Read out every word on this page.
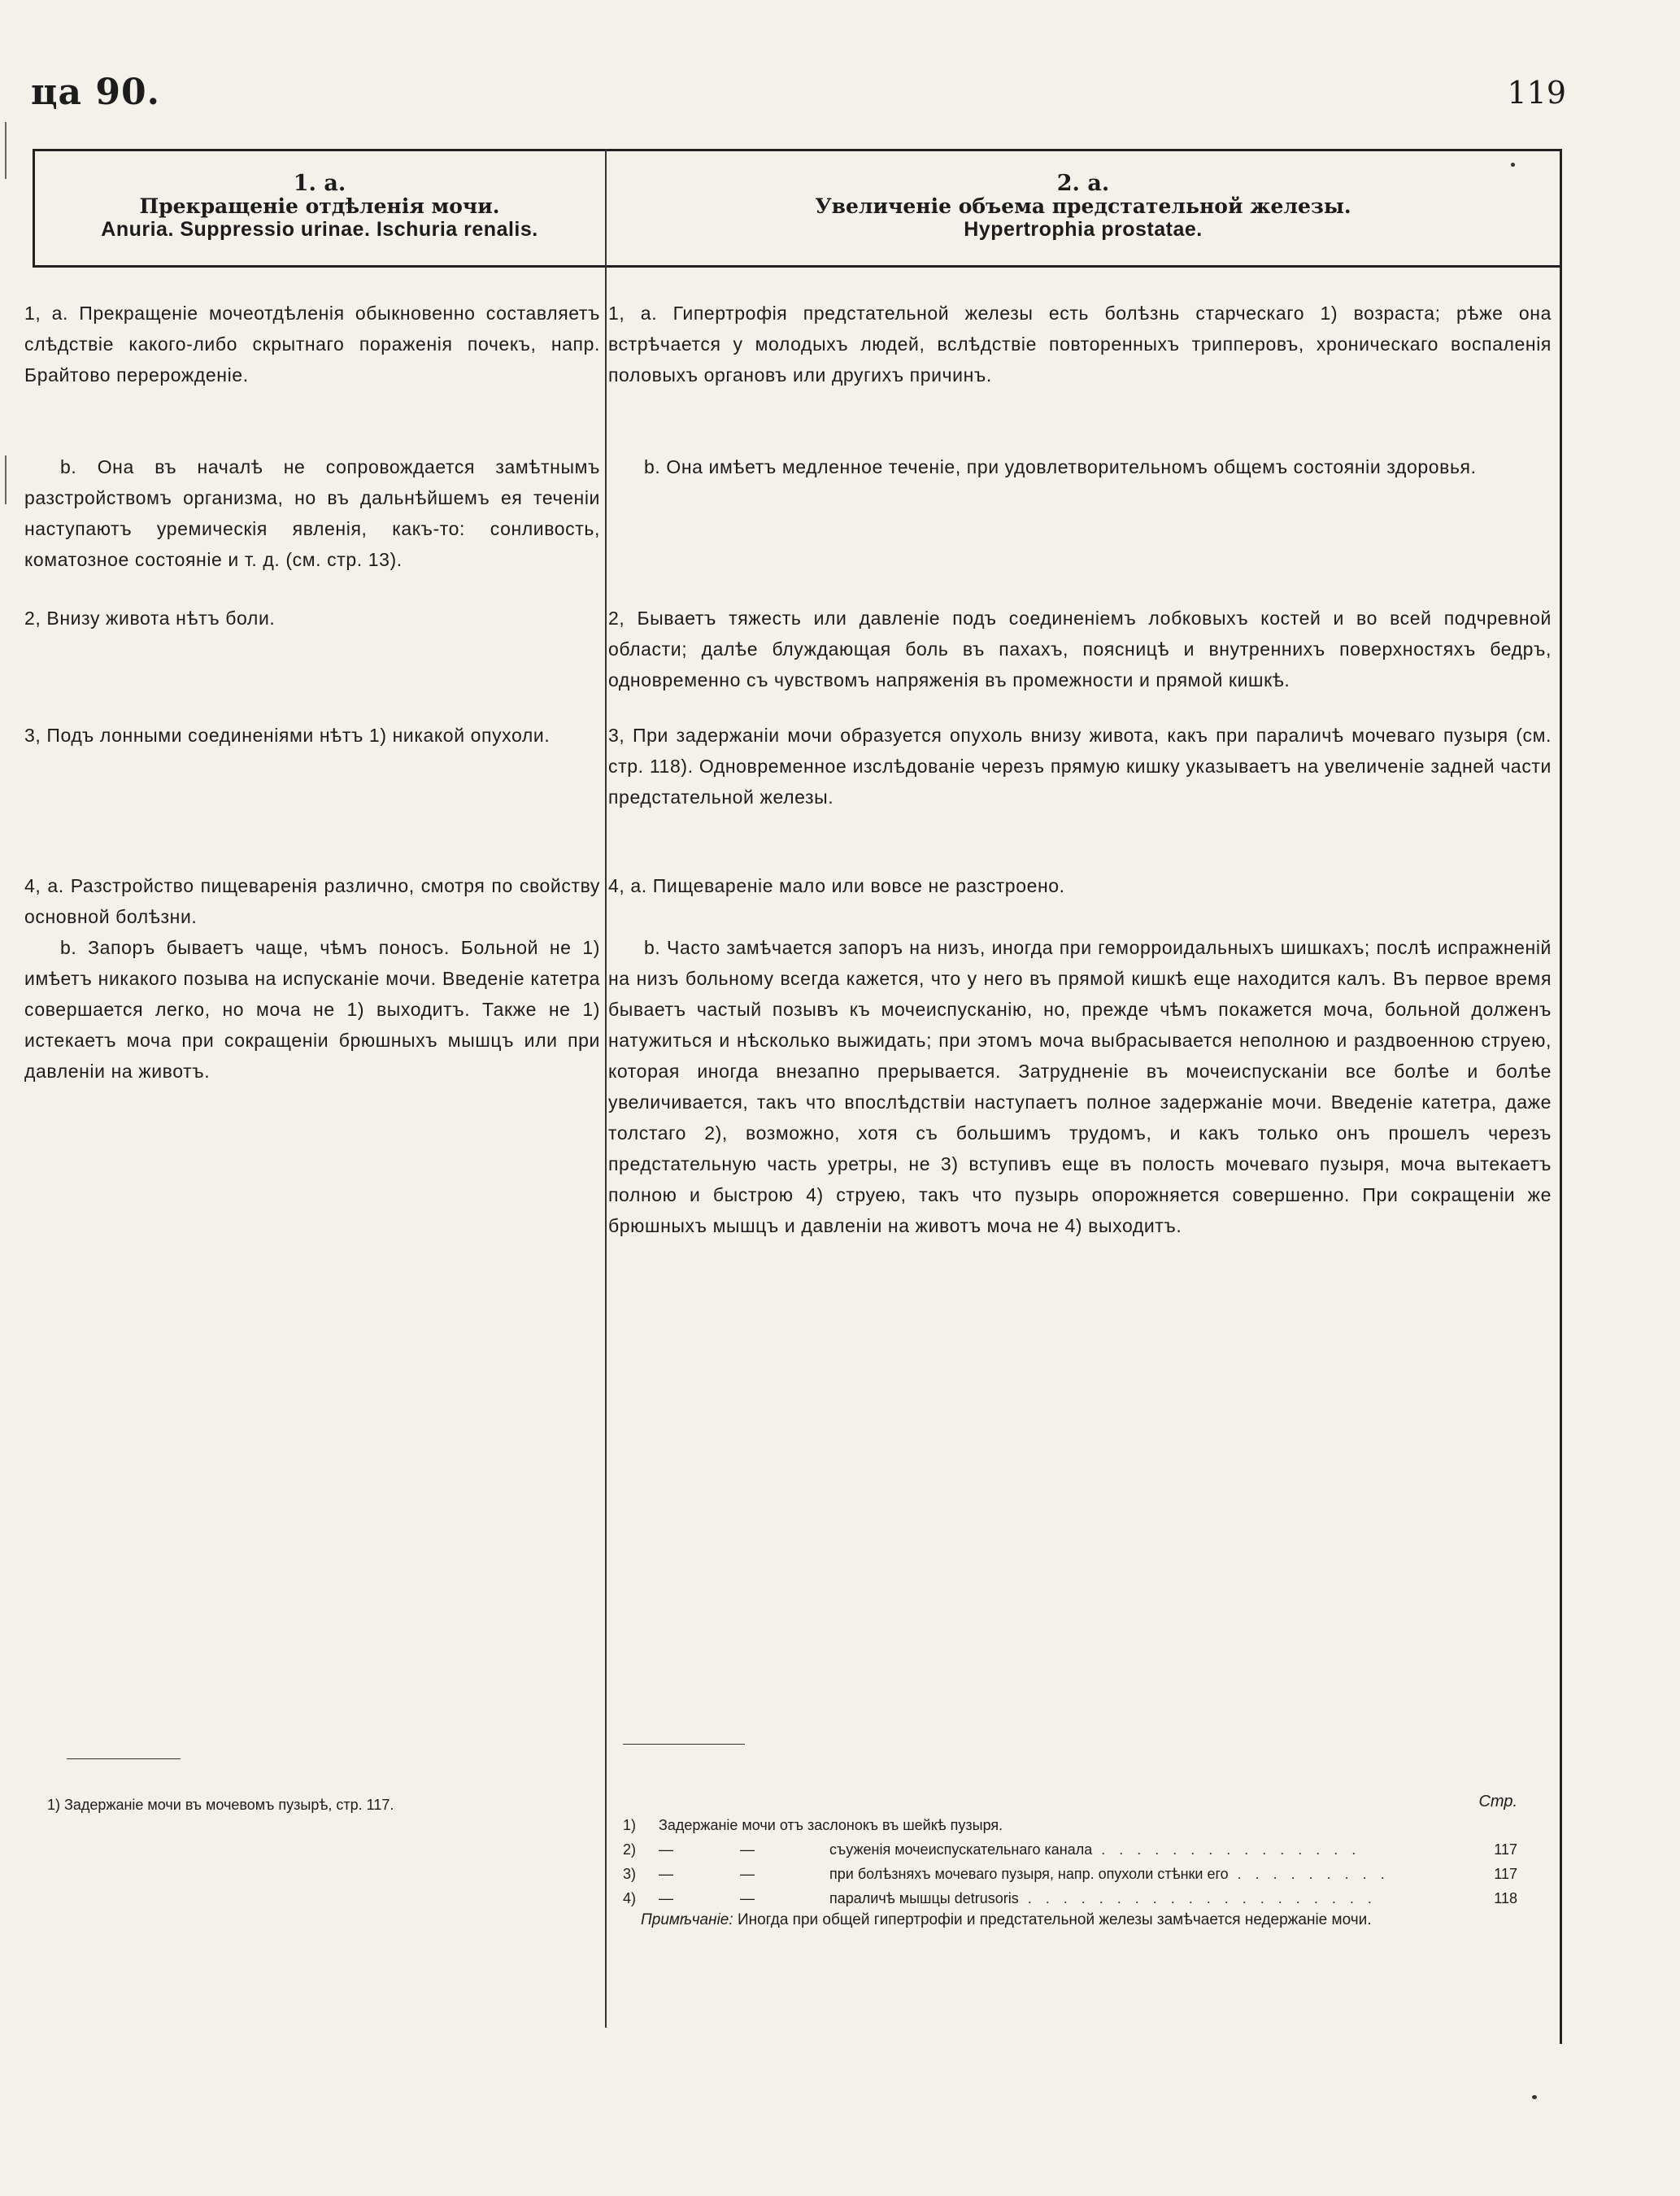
ца 90.	119
1. a.
Прекращеніе отдѣленія мочи.
Anuria. Suppressio urinae. Ischuria renalis.
2. a.
Увеличеніе объема предстательной железы.
Hypertrophia prostatae.
1, a. Прекращеніе мочеотдѣленія обыкновенно составляетъ слѣдствіе какого-либо скрытнаго пораженія почекъ, напр. Брайтово перерожденіе.
b. Она въ началѣ не сопровождается замѣтнымъ разстройствомъ организма, но въ дальнѣйшемъ ея теченіи наступаютъ уремическія явленія, какъ-то: сонливость, коматозное состояніе и т. д. (см. стр. 13).
2, Внизу живота нѣтъ боли.
3, Подъ лонными соединеніями нѣтъ 1) никакой опухоли.
4, a. Разстройство пищеваренія различно, смотря по свойству основной болѣзни.
b. Запоръ бываетъ чаще, чѣмъ поносъ. Больной не 1) имѣетъ никакого позыва на испусканіе мочи. Введеніе катетра совершается легко, но моча не 1) выходитъ. Также не 1) истекаетъ моча при сокращеніи брюшныхъ мышцъ или при давленіи на животъ.
1, a. Гипертрофія предстательной железы есть болѣзнь старческаго 1) возраста; рѣже она встрѣчается у молодыхъ людей, вслѣдствіе повторенныхъ трипперовъ, хроническаго воспаленія половыхъ органовъ или другихъ причинъ.
b. Она имѣетъ медленное теченіе, при удовлетворительномъ общемъ состояніи здоровья.
2, Бываетъ тяжесть или давленіе подъ соединеніемъ лобковыхъ костей и во всей подчревной области; далѣе блуждающая боль въ пахахъ, поясницѣ и внутреннихъ поверхностяхъ бедръ, одновременно съ чувствомъ напряженія въ промежности и прямой кишкѣ.
3, При задержаніи мочи образуется опухоль внизу живота, какъ при параличѣ мочеваго пузыря (см. стр. 118). Одновременное изслѣдованіе черезъ прямую кишку указываетъ на увеличеніе задней части предстательной железы.
4, a. Пищевареніе мало или вовсе не разстроено.
b. Часто замѣчается запоръ на низъ, иногда при геморроидальныхъ шишкахъ; послѣ испражненій на низъ больному всегда кажется, что у него въ прямой кишкѣ еще находится калъ. Въ первое время бываетъ частый позывъ къ мочеиспусканію, но, прежде чѣмъ покажется моча, больной долженъ натужиться и нѣсколько выжидать; при этомъ моча выбрасывается неполною и раздвоенною струею, которая иногда внезапно прерывается. Затрудненіе въ мочеиспусканіи все болѣе и болѣе увеличивается, такъ что впослѣдствіи наступаетъ полное задержаніе мочи. Введеніе катетра, даже толстаго 2), возможно, хотя съ большимъ трудомъ, и какъ только онъ прошелъ черезъ предстательную часть уретры, не 3) вступивъ еще въ полость мочеваго пузыря, моча вытекаетъ полною и быстрою 4) струею, такъ что пузырь опорожняется совершенно. При сокращеніи же брюшныхъ мышцъ и давленіи на животъ моча не 4) выходитъ.
1) Задержаніе мочи въ мочевомъ пузырѣ, стр. 117.	Стр.
1)	Задержаніе мочи отъ заслонокъ въ шейкѣ пузыря.
2)	—	—	съуженія мочеиспускательнаго канала . . . . . . . . . . . . . . .	117
3)	—	—	при болѣзняхъ мочеваго пузыря, напр. опухоли стѣнки его . . . . . . . . .	117
4)	—	—	параличѣ мышцы detrusoris . . . . . . . . . . . . . . . . . . . .	118
Примѣчаніе: Иногда при общей гипертрофіи и предстательной железы замѣчается недержаніе мочи.
